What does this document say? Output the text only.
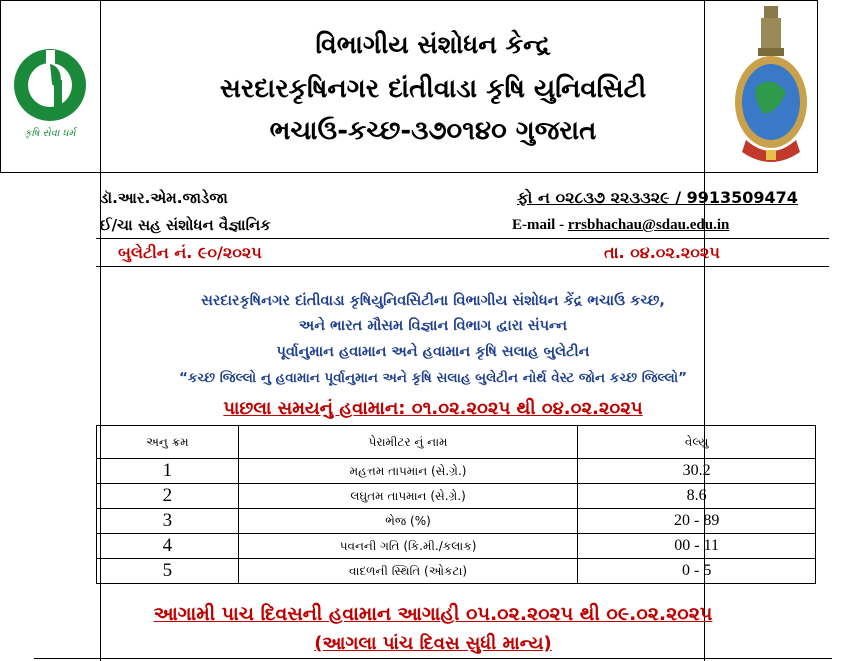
કૃષિ સેવા ધર્મ
વિભાગીય સંશોધન કેન્દ્ર
સરદારકૃષિનગર દાંતીવાડા કૃષિ યુનિવસિટી
ભચાઉ-કચ્છ-૩૭૦૧૪૦ ગુજરાત
ડૉ.આર.એમ.જાડેજા
ઈ/ચા સહ સંશોધન વૈજ્ઞાનિક
ફો ન ૦૨૮૩૭ ૨૨૩૩૨૯ / 9913509474
E-mail - rrsbhachau@sdau.edu.in
બુલેટીન નં. ૯૦/૨૦૨૫	તા. ૦૪.૦૨.૨૦૨૫
સરદારકૃષિનગર દાંતીવાડા કૃષિયુનિવસિટીના વિભાગીય સંશોધન કેંદ્ર ભચાઉ કચ્છ,
અને ભારત મૌસમ વિજ્ઞાન વિભાગ દ્વારા સંપન્ન
પૂર્વાનુમાન હવામાન અને હવામાન કૃષિ સલાહ બુલેટીન
“કચ્છ જિલ્લો નુ હવામાન પૂર્વાનુમાન અને કૃષિ સલાહ બુલેટીન નોર્થ વેસ્ટ જોન કચ્છ જિલ્લો”
પાછલા સમયનું હવામાન: ૦૧.૦૨.૨૦૨૫ થી ૦૪.૦૨.૨૦૨૫
અનુ ક્રમ	પેરામીટર નું નામ	વેલ્યુ
1	મહત્તમ તાપમાન (સે.ગ્રે.)	30.2
2	લઘુતમ તાપમાન (સે.ગ્રે.)	8.6
3	ભેજ (%)	20 - 89
4	પવનની ગતિ (કિ.મી./કલાક)	00 - 11
5	વાદળની સ્થિતિ (ઓકટા)	0 - 5
આગામી પાચ દિવસની હવામાન આગાહી ૦૫.૦૨.૨૦૨૫ થી ૦૯.૦૨.૨૦૨૫
(આગલા પાંચ દિવસ સુધી માન્ય)
